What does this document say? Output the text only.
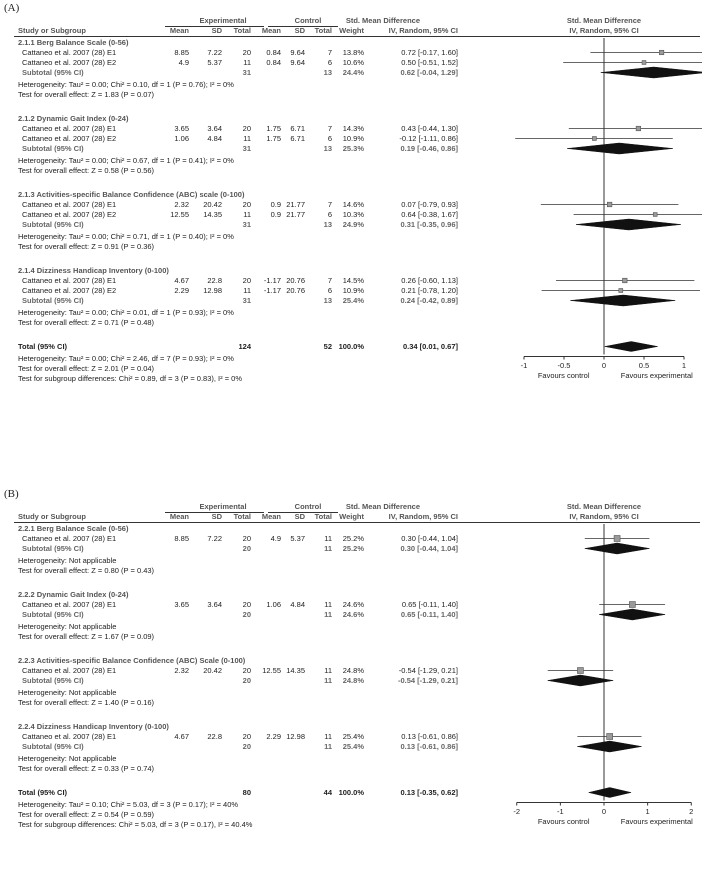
(A)
Experimental	Control	Std. Mean Difference	Std. Mean Difference
Study or Subgroup	Mean	SD	Total	Mean	SD	Total Weight	IV, Random, 95% CI	IV, Random, 95% CI
2.1.1 Berg Balance Scale (0-56)
Cattaneo et al. 2007 (28) E1	8.85	7.22	20	0.84	9.64	7	13.8%	0.72 [-0.17, 1.60]
Cattaneo et al. 2007 (28) E2	4.9	5.37	11	0.84	9.64	6	10.6%	0.50 [-0.51, 1.52]
Subtotal (95% CI)	31	13	24.4%	0.62 [-0.04, 1.29]
Heterogeneity: Tau² = 0.00; Chi² = 0.10, df = 1 (P = 0.76); I² = 0%
Test for overall effect: Z = 1.83 (P = 0.07)
2.1.2 Dynamic Gait Index (0-24)
Cattaneo et al. 2007 (28) E1	3.65	3.64	20	1.75	6.71	7	14.3%	0.43 [-0.44, 1.30]
Cattaneo et al. 2007 (28) E2	1.06	4.84	11	1.75	6.71	6	10.9%	-0.12 [-1.11, 0.86]
Subtotal (95% CI)	31	13	25.3%	0.19 [-0.46, 0.86]
Heterogeneity: Tau² = 0.00; Chi² = 0.67, df = 1 (P = 0.41); I² = 0%
Test for overall effect: Z = 0.58 (P = 0.56)
2.1.3 Activities-specific Balance Confidence (ABC) scale (0-100)
Cattaneo et al. 2007 (28) E1	2.32	20.42	20	0.9 21.77	7	14.6%	0.07 [-0.79, 0.93]
Cattaneo et al. 2007 (28) E2	12.55	14.35	11	0.9 21.77	6	10.3%	0.64 [-0.38, 1.67]
Subtotal (95% CI)	31	13	24.9%	0.31 [-0.35, 0.96]
Heterogeneity: Tau² = 0.00; Chi² = 0.71, df = 1 (P = 0.40); I² = 0%
Test for overall effect: Z = 0.91 (P = 0.36)
2.1.4 Dizziness Handicap Inventory (0-100)
Cattaneo et al. 2007 (28) E1	4.67	22.8	20	-1.17 20.76	7	14.5%	0.26 [-0.60, 1.13]
Cattaneo et al. 2007 (28) E2	2.29	12.98	11	-1.17 20.76	6	10.9%	0.21 [-0.78, 1.20]
Subtotal (95% CI)	31	13	25.4%	0.24 [-0.42, 0.89]
Heterogeneity: Tau² = 0.00; Chi² = 0.01, df = 1 (P = 0.93); I² = 0%
Test for overall effect: Z = 0.71 (P = 0.48)
Total (95% CI)	124	52 100.0%	0.34 [0.01, 0.67]
Heterogeneity: Tau² = 0.00; Chi² = 2.46, df = 7 (P = 0.93); I² = 0%
Test for overall effect: Z = 2.01 (P = 0.04)
Test for subgroup differences: Chi² = 0.89, df = 3 (P = 0.83), I² = 0%
-1	-0.5	0	0.5	1
Favours control	Favours experimental
(B)
Experimental	Control	Std. Mean Difference	Std. Mean Difference
Study or Subgroup	Mean	SD	Total	Mean	SD	Total Weight	IV, Random, 95% CI	IV, Random, 95% CI
2.2.1 Berg Balance Scale (0-56)
Cattaneo et al. 2007 (28) E1	8.85	7.22	20	4.9	5.37	11	25.2%	0.30 [-0.44, 1.04]
Subtotal (95% CI)	20	11	25.2%	0.30 [-0.44, 1.04]
Heterogeneity: Not applicable
Test for overall effect: Z = 0.80 (P = 0.43)
2.2.2 Dynamic Gait Index (0-24)
Cattaneo et al. 2007 (28) E1	3.65	3.64	20	1.06	4.84	11	24.6%	0.65 [-0.11, 1.40]
Subtotal (95% CI)	20	11	24.6%	0.65 [-0.11, 1.40]
Heterogeneity: Not applicable
Test for overall effect: Z = 1.67 (P = 0.09)
2.2.3 Activities-specific Balance Confidence (ABC) Scale (0-100)
Cattaneo et al. 2007 (28) E1	2.32	20.42	20	12.55 14.35	11	24.8%	-0.54 [-1.29, 0.21]
Subtotal (95% CI)	20	11	24.8%	-0.54 [-1.29, 0.21]
Heterogeneity: Not applicable
Test for overall effect: Z = 1.40 (P = 0.16)
2.2.4 Dizziness Handicap Inventory (0-100)
Cattaneo et al. 2007 (28) E1	4.67	22.8	20	2.29 12.98	11	25.4%	0.13 [-0.61, 0.86]
Subtotal (95% CI)	20	11	25.4%	0.13 [-0.61, 0.86]
Heterogeneity: Not applicable
Test for overall effect: Z = 0.33 (P = 0.74)
Total (95% CI)	80	44 100.0%	0.13 [-0.35, 0.62]
Heterogeneity: Tau² = 0.10; Chi² = 5.03, df = 3 (P = 0.17); I² = 40%
Test for overall effect: Z = 0.54 (P = 0.59)
Test for subgroup differences: Chi² = 5.03, df = 3 (P = 0.17), I² = 40.4%
-2	-1	0	1	2
Favours control	Favours experimental
